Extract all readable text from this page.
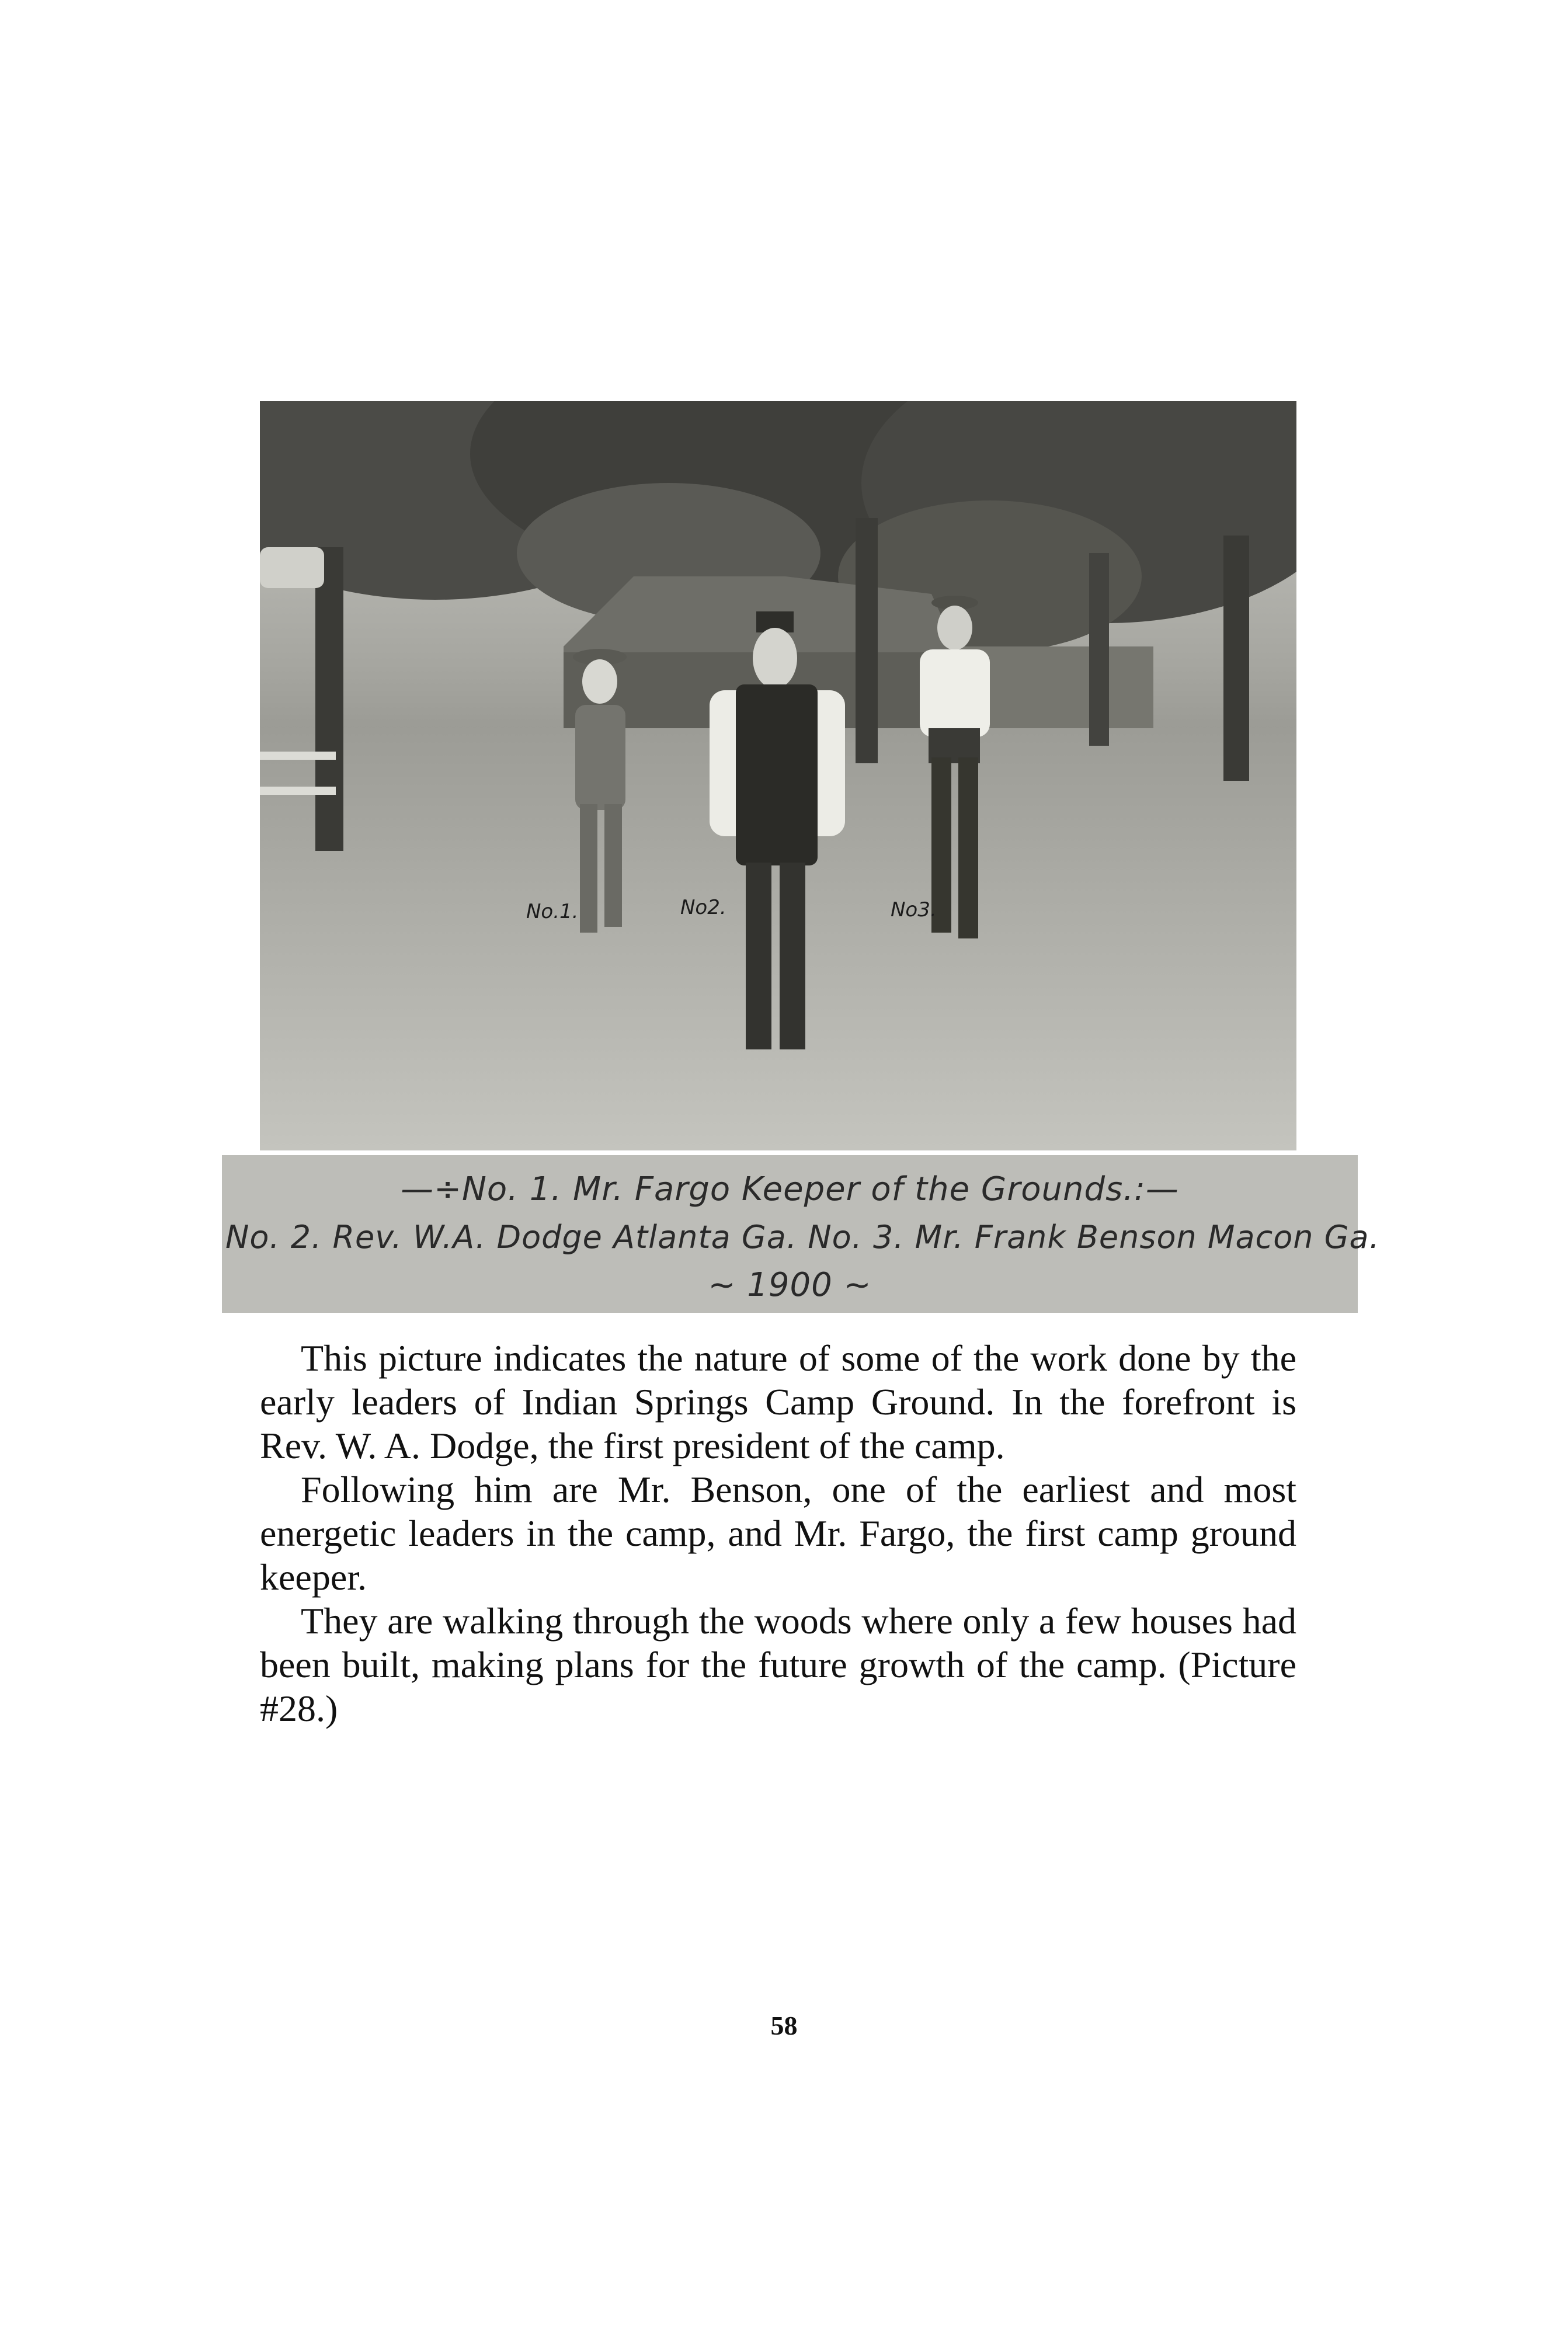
No.1.	No2.	No3.
—÷No. 1. Mr. Fargo Keeper of the Grounds.:—
No. 2. Rev. W.A. Dodge Atlanta Ga. No. 3. Mr. Frank Benson Macon Ga.
∼ 1900 ∼

This picture indicates the nature of some of the work done by the early leaders of Indian Springs Camp Ground. In the forefront is Rev. W. A. Dodge, the first president of the camp.

Following him are Mr. Benson, one of the earliest and most energetic leaders in the camp, and Mr. Fargo, the first camp ground keeper.

They are walking through the woods where only a few houses had been built, making plans for the future growth of the camp. (Picture #28.)

58
